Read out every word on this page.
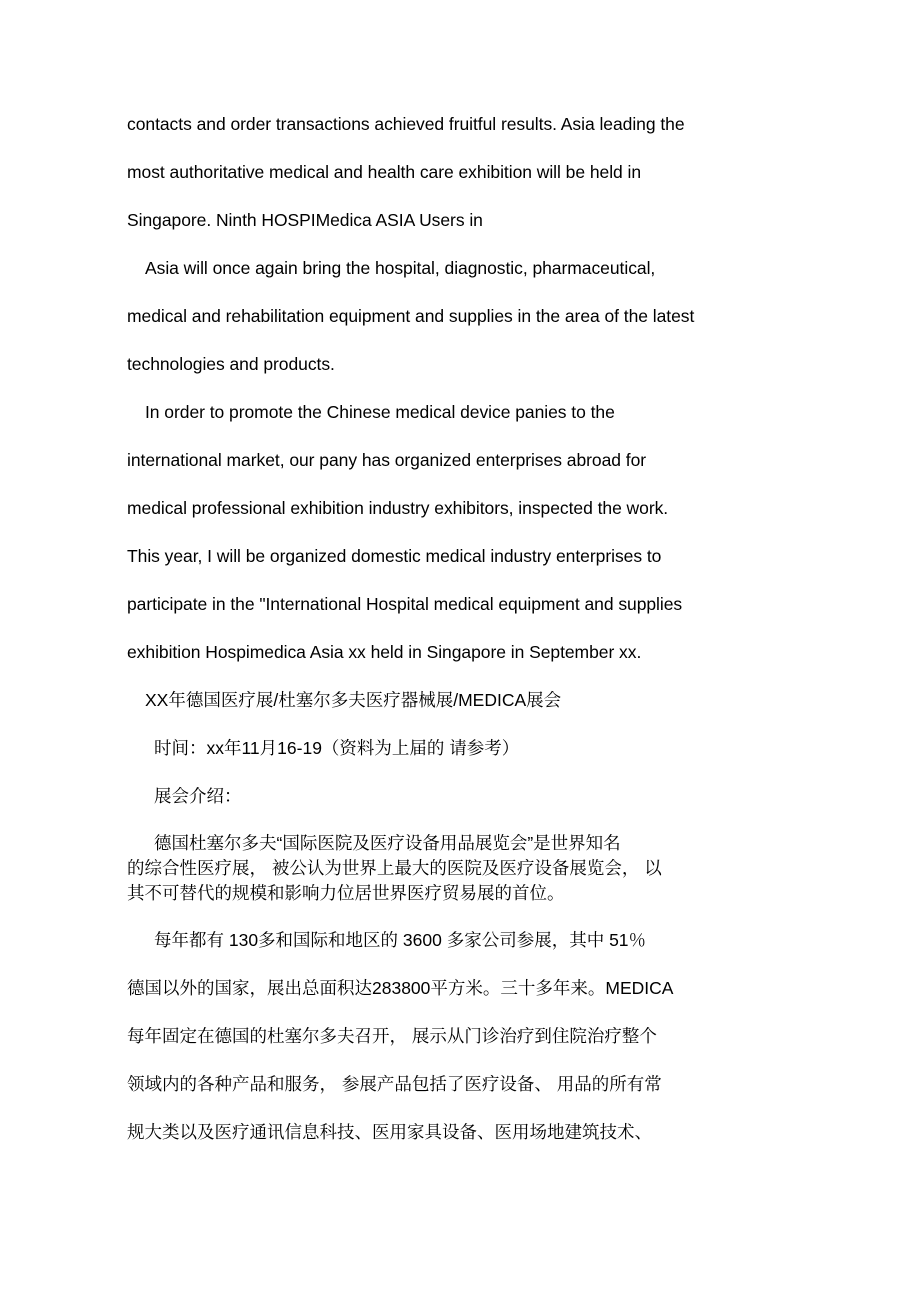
contacts and order transactions achieved fruitful results. Asia leading the
most authoritative medical and health care exhibition will be held in
Singapore. Ninth HOSPIMedica ASIA Users in
Asia will once again bring the hospital, diagnostic, pharmaceutical,
medical and rehabilitation equipment and supplies in the area of the latest
technologies and products.
In order to promote the Chinese medical device panies to the
international market, our pany has organized enterprises abroad for
medical professional exhibition industry exhibitors, inspected the work.
This year, I will be organized domestic medical industry enterprises to
participate in the "International Hospital medical equipment and supplies
exhibition Hospimedica Asia xx held in Singapore in September xx.
XX年德国医疗展/杜塞尔多夫医疗器械展/MEDICA展会
时间：xx年11月16-19（资料为上届的 请参考）
展会介绍：
德国杜塞尔多夫“国际医院及医疗设备用品展览会”是世界知名
的综合性医疗展， 被公认为世界上最大的医院及医疗设备展览会， 以
其不可替代的规模和影响力位居世界医疗贸易展的首位。
每年都有 130多和国际和地区的 3600 多家公司参展，其中 51％
德国以外的国家，展出总面积达283800平方米。三十多年来。MEDICA
每年固定在德国的杜塞尔多夫召开， 展示从门诊治疗到住院治疗整个
领域内的各种产品和服务， 参展产品包括了医疗设备、 用品的所有常
规大类以及医疗通讯信息科技、医用家具设备、医用场地建筑技术、
